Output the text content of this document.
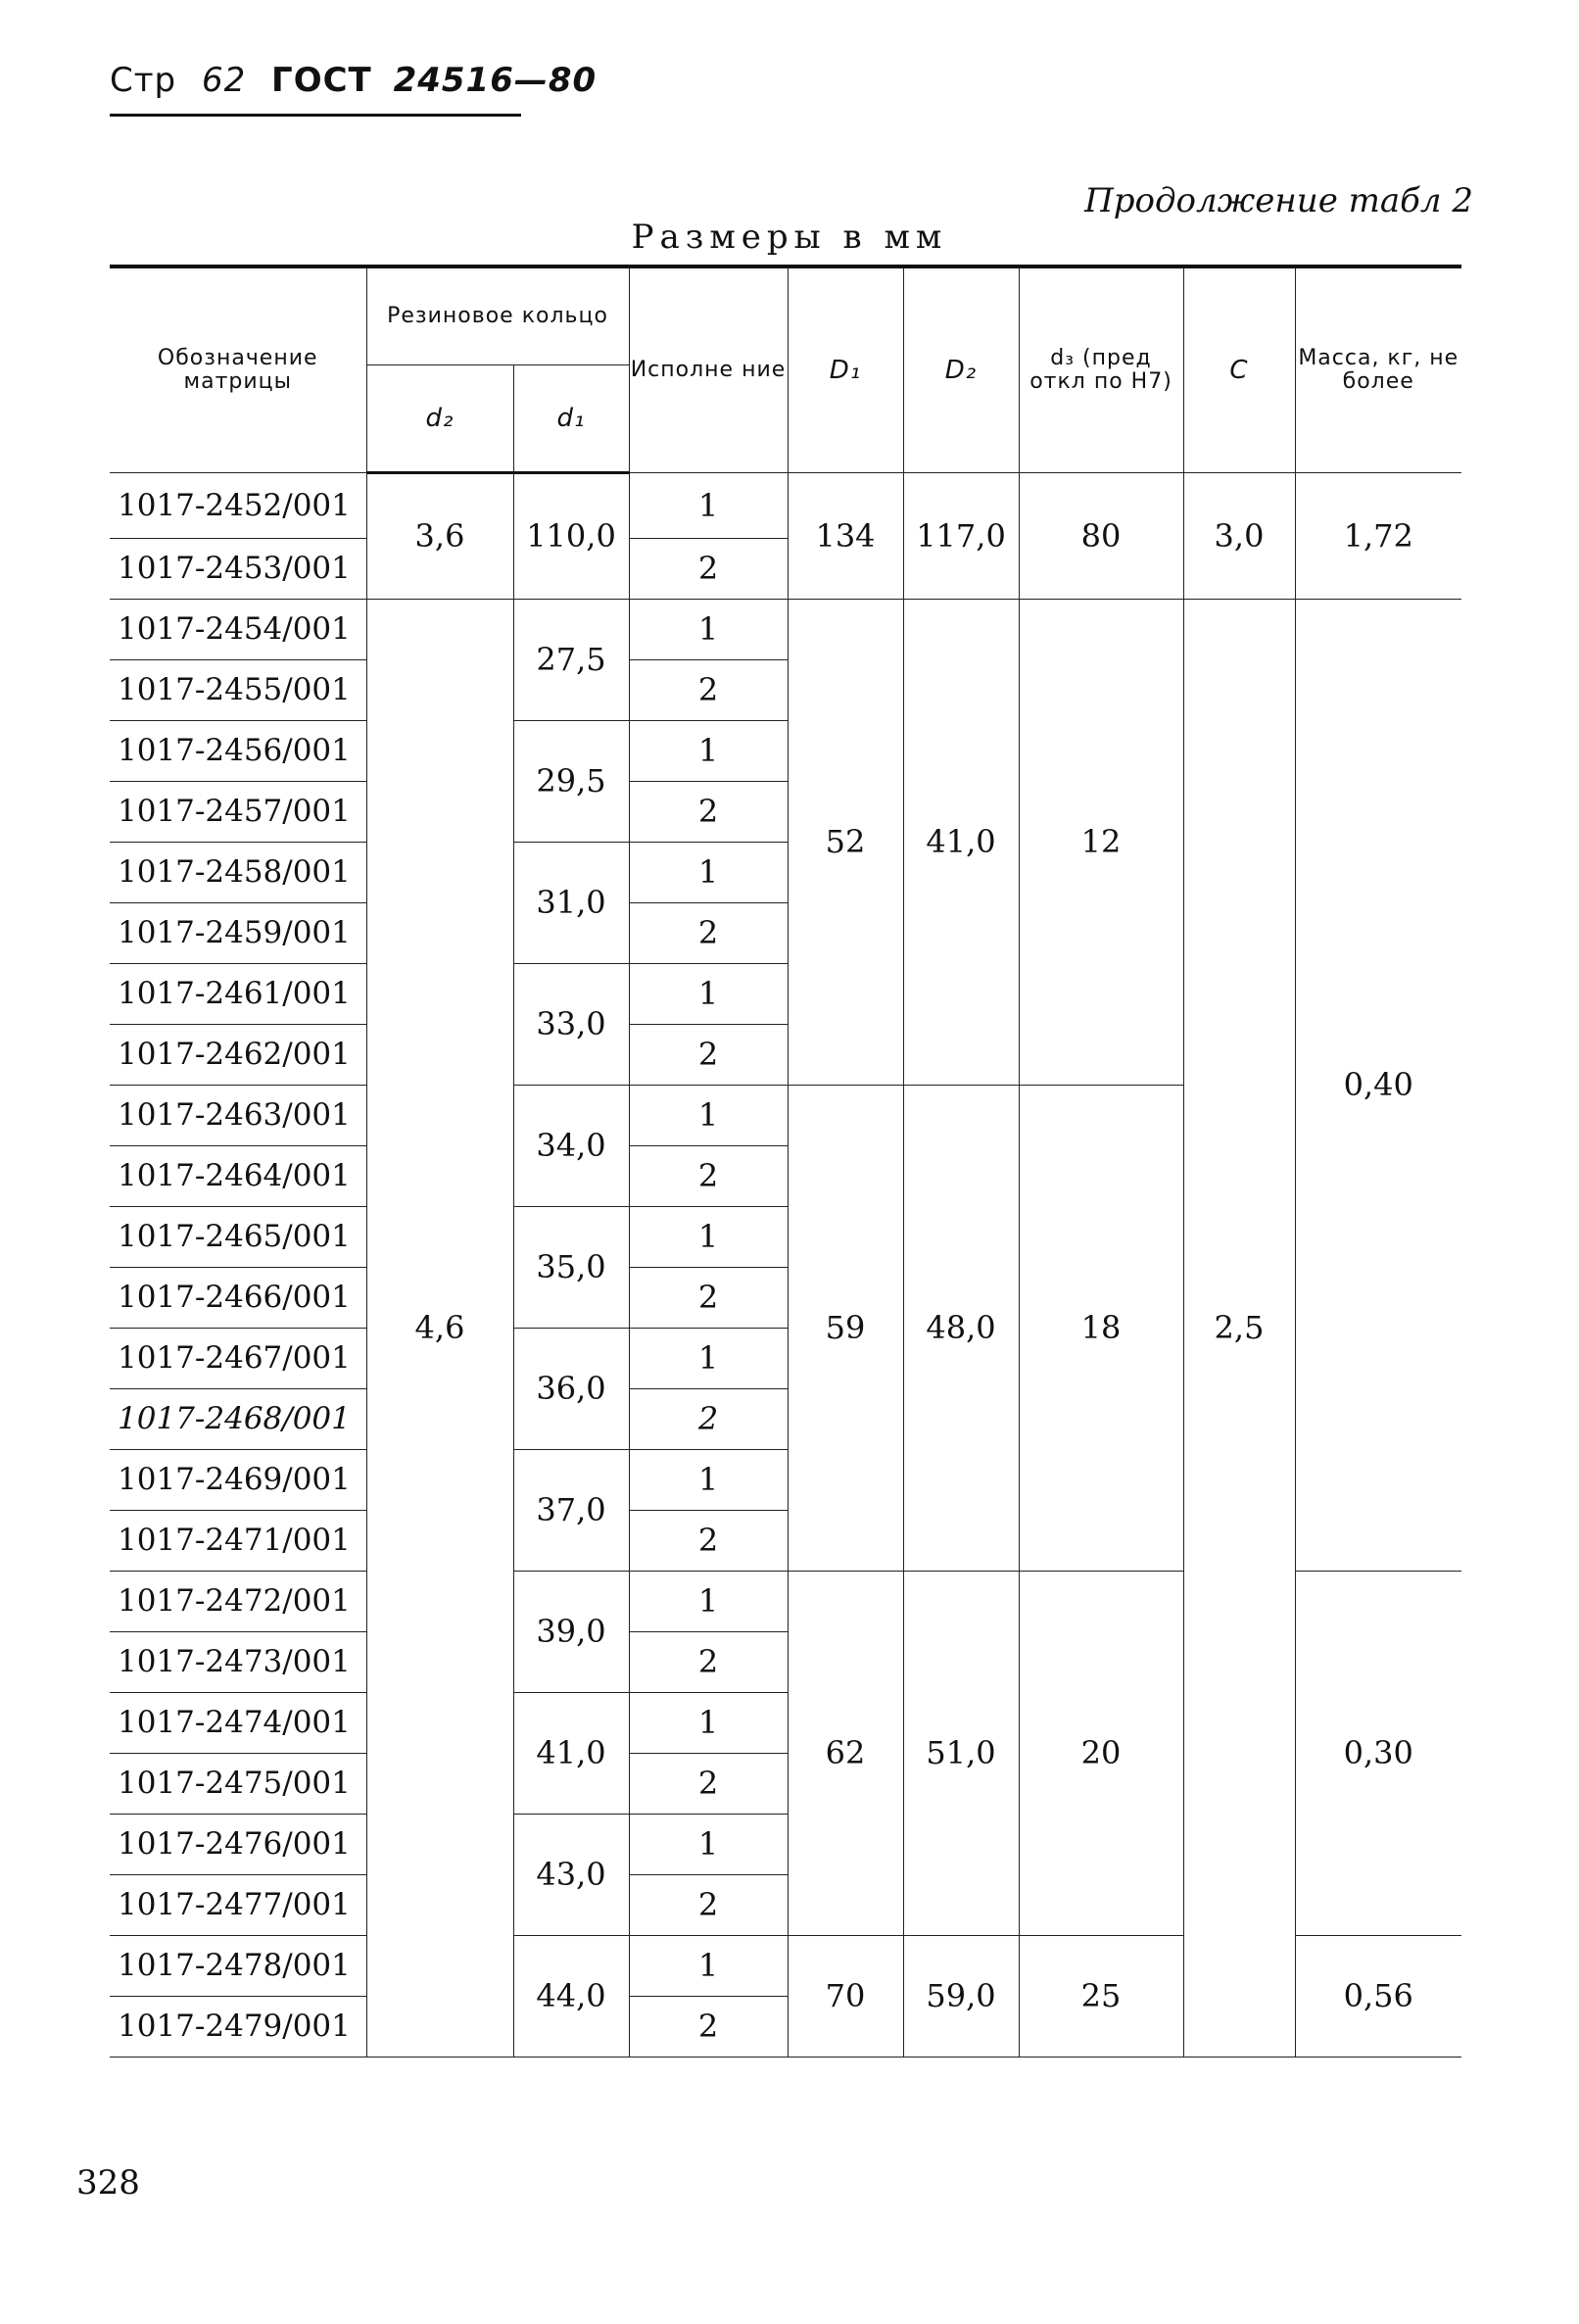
Стр 62 ГОСТ 24516—80
Продолжение табл 2
Размеры в мм
Обозначение матрицы	Резиновое кольцо		Исполне ние	D₁	D₂	d₃ (пред откл по Н7)	C	Масса, кг, не более
	d₂	d₁						
1017-2452/001	3,6	110,0	1	134	117,0	80	3,0	1,72
1017-2453/001			2					
1017-2454/001	4,6	27,5	1	52	41,0	12	2,5	0,40
1017-2455/001			2					
1017-2456/001		29,5	1					
1017-2457/001			2					
1017-2458/001		31,0	1					
1017-2459/001			2					
1017-2461/001		33,0	1					
1017-2462/001			2					
1017-2463/001		34,0	1	59	48,0	18		
1017-2464/001			2					
1017-2465/001		35,0	1					
1017-2466/001			2					
1017-2467/001		36,0	1					
1017-2468/001			2					
1017-2469/001		37,0	1					
1017-2471/001			2					
1017-2472/001		39,0	1	62	51,0	20		0,30
1017-2473/001			2					
1017-2474/001		41,0	1					
1017-2475/001			2					
1017-2476/001		43,0	1					
1017-2477/001			2					
1017-2478/001		44,0	1	70	59,0	25		0,56
1017-2479/001			2					
328
